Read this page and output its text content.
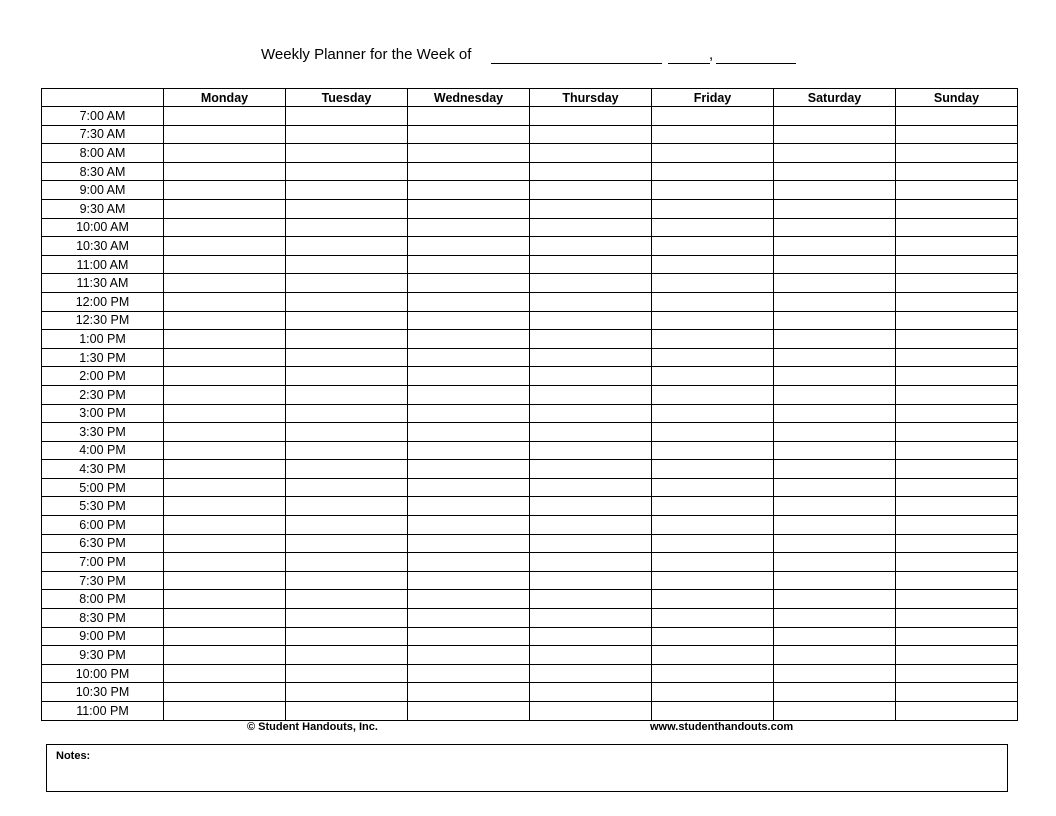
Weekly Planner for the Week of	,
	Monday	Tuesday	Wednesday	Thursday	Friday	Saturday	Sunday
7:00 AM							
7:30 AM							
8:00 AM							
8:30 AM							
9:00 AM							
9:30 AM							
10:00 AM							
10:30 AM							
11:00 AM							
11:30 AM							
12:00 PM							
12:30 PM							
1:00 PM							
1:30 PM							
2:00 PM							
2:30 PM							
3:00 PM							
3:30 PM							
4:00 PM							
4:30 PM							
5:00 PM							
5:30 PM							
6:00 PM							
6:30 PM							
7:00 PM							
7:30 PM							
8:00 PM							
8:30 PM							
9:00 PM							
9:30 PM							
10:00 PM							
10:30 PM							
11:00 PM							
© Student Handouts, Inc.	www.studenthandouts.com
Notes:
